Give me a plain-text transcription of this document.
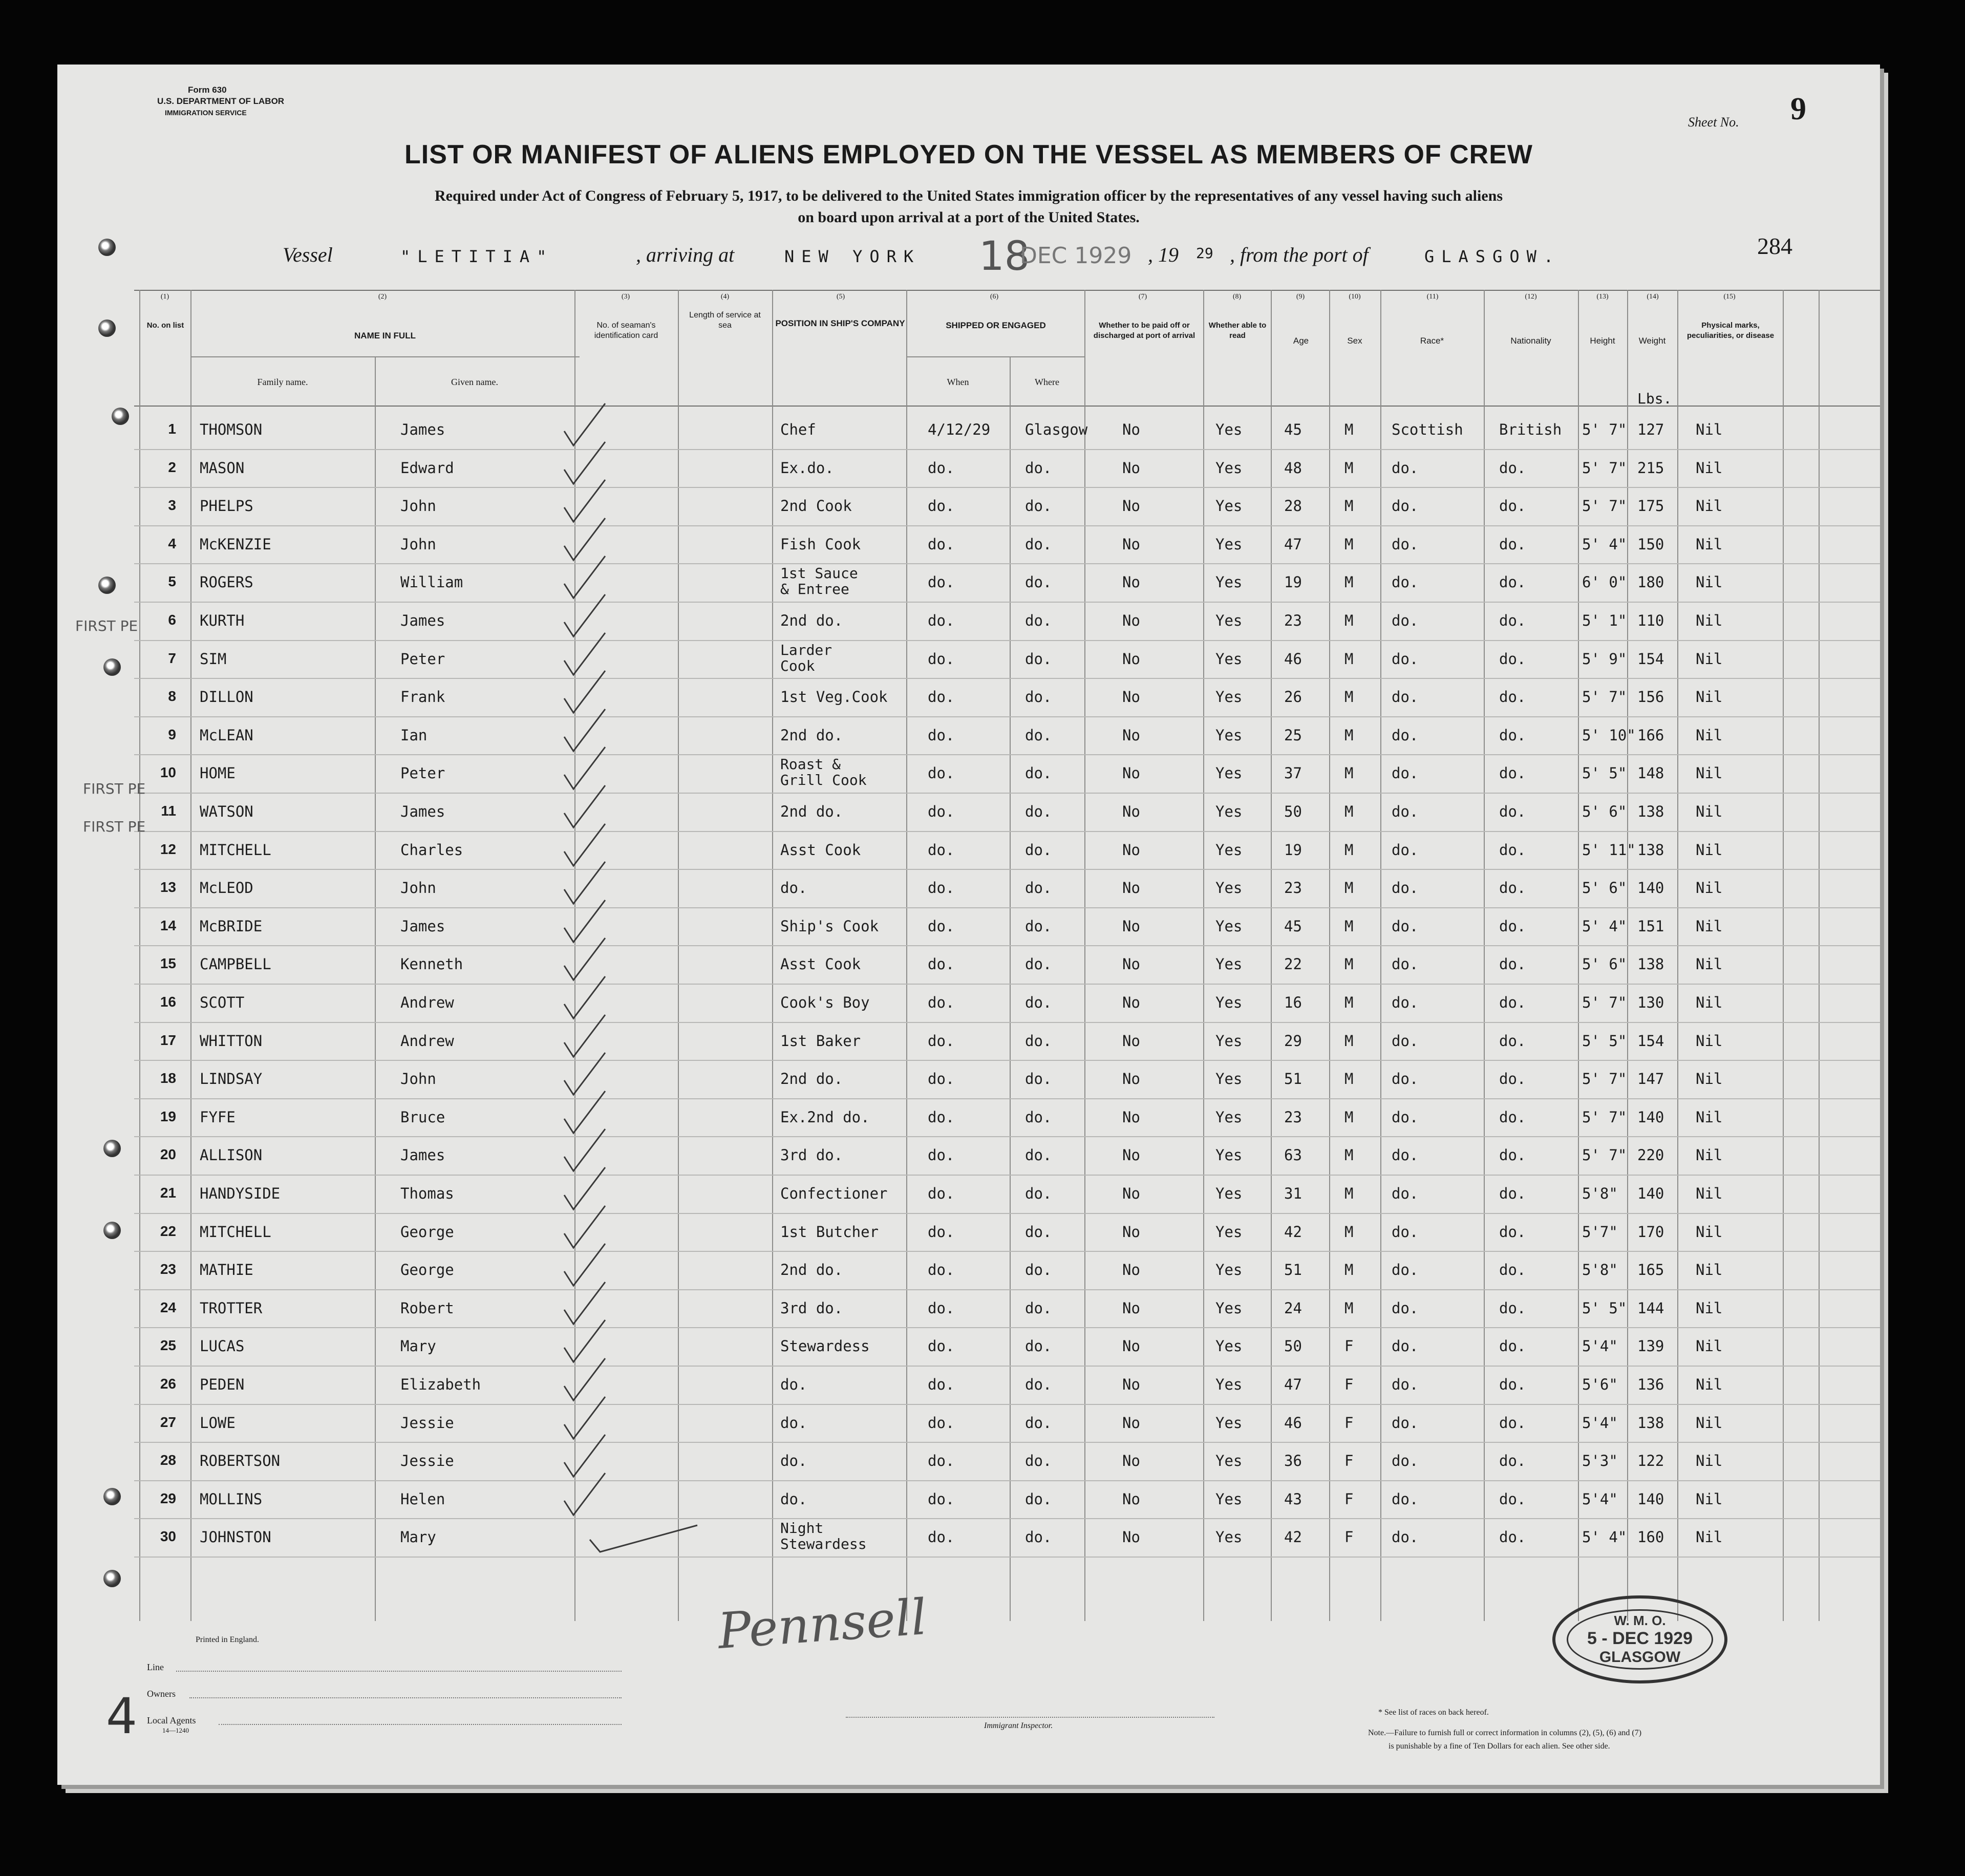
Form 630
U.S. DEPARTMENT OF LABOR
IMMIGRATION SERVICE
Sheet No. 9
284
LIST OR MANIFEST OF ALIENS EMPLOYED ON THE VESSEL AS MEMBERS OF CREW
Required under Act of Congress of February 5, 1917, to be delivered to the United States immigration officer by the representatives of any vessel having such aliens
on board upon arrival at a port of the United States.
Vessel	"LETITIA"	, arriving at	NEW YORK 18
DEC 1929 , 19 29 , from the port of	GLASGOW.
(1)	(2)	(3)	(4)	(5)	(6)	(7)	(8)	(9)	(10)	(11)	(12)	(13)	(14)	(15)
No. on list
NAME IN FULL
Family name.	Given name.
No. of seaman's identification card
Length of service at sea	POSITION IN SHIP'S COMPANY	SHIPPED OR ENGAGED
When	Where
Whether to be paid off or discharged at port of arrival
Whether able to read
Age	Sex	Race*	Nationality	Height	Weight
Lbs.
Physical marks, peculiarities, or disease
1 THOMSON	James	Chef	4/12/29 Glasgow No	Yes	45	M	Scottish British 5' 7" 127 Nil
2 MASON	Edward	Ex.do.	do.	do.	No	Yes	48	M	do.	do.	5' 7" 215 Nil
3 PHELPS	John	2nd Cook	do.	do.	No	Yes	28	M	do.	do.	5' 7" 175 Nil
4 McKENZIE	John	Fish Cook	do.	do.	No	Yes	47	M	do.	do.	5' 4" 150 Nil
5 ROGERS	William
1st Sauce
& Entree	do.	do.	No	Yes	19	M	do.	do.	6' 0" 180 Nil
6 KURTH	James	2nd do.	do.	do.	No	Yes	23	M	do.	do.	5' 1" 110 Nil
7 SIM	Peter
Larder
Cook	do.	do.	No	Yes	46	M	do.	do.	5' 9" 154 Nil
8 DILLON	Frank	1st Veg.Cook	do.	do.	No	Yes	26	M	do.	do.	5' 7" 156 Nil
9 McLEAN	Ian	2nd do.	do.	do.	No	Yes	25	M	do.	do.	5' 10" 166 Nil
10 HOME	Peter
Roast &
Grill Cook	do.	do.	No	Yes	37	M	do.	do.	5' 5" 148 Nil
11 WATSON	James	2nd do.	do.	do.	No	Yes	50	M	do.	do.	5' 6" 138 Nil
12 MITCHELL	Charles	Asst Cook	do.	do.	No	Yes	19	M	do.	do.	5' 11" 138 Nil
13 McLEOD	John	do.	do.	do.	No	Yes	23	M	do.	do.	5' 6" 140 Nil
14 McBRIDE	James	Ship's Cook	do.	do.	No	Yes	45	M	do.	do.	5' 4" 151 Nil
15 CAMPBELL	Kenneth	Asst Cook	do.	do.	No	Yes	22	M	do.	do.	5' 6" 138 Nil
16 SCOTT	Andrew	Cook's Boy	do.	do.	No	Yes	16	M	do.	do.	5' 7" 130 Nil
17 WHITTON	Andrew	1st Baker	do.	do.	No	Yes	29	M	do.	do.	5' 5" 154 Nil
18 LINDSAY	John	2nd do.	do.	do.	No	Yes	51	M	do.	do.	5' 7" 147 Nil
19 FYFE	Bruce	Ex.2nd do.	do.	do.	No	Yes	23	M	do.	do.	5' 7" 140 Nil
20 ALLISON	James	3rd do.	do.	do.	No	Yes	63	M	do.	do.	5' 7" 220 Nil
21 HANDYSIDE	Thomas	Confectioner	do.	do.	No	Yes	31	M	do.	do.	5'8" 140 Nil
22 MITCHELL	George	1st Butcher	do.	do.	No	Yes	42	M	do.	do.	5'7" 170 Nil
23 MATHIE	George	2nd do.	do.	do.	No	Yes	51	M	do.	do.	5'8" 165 Nil
24 TROTTER	Robert	3rd do.	do.	do.	No	Yes	24	M	do.	do.	5' 5" 144 Nil
25 LUCAS	Mary	Stewardess	do.	do.	No	Yes	50	F	do.	do.	5'4" 139 Nil
26 PEDEN	Elizabeth	do.	do.	do.	No	Yes	47	F	do.	do.	5'6" 136 Nil
27 LOWE	Jessie	do.	do.	do.	No	Yes	46	F	do.	do.	5'4" 138 Nil
28 ROBERTSON	Jessie	do.	do.	do.	No	Yes	36	F	do.	do.	5'3" 122 Nil
29 MOLLINS	Helen	do.	do.	do.	No	Yes	43	F	do.	do.	5'4" 140 Nil
30 JOHNSTON	Mary
Night
Stewardess	do.	do.	No	Yes	42	F	do.	do.	5' 4" 160 Nil
FIRST PE
FIRST PE
FIRST PE
Pennsell	W. M. O.
5 - DEC 1929
GLASGOW
Printed in England.
Line
Owners
Local Agents
14—1240
4	Immigrant Inspector.
* See list of races on back hereof.
Note.—Failure to furnish full or correct information in columns (2), (5), (6) and (7)
is punishable by a fine of Ten Dollars for each alien. See other side.
